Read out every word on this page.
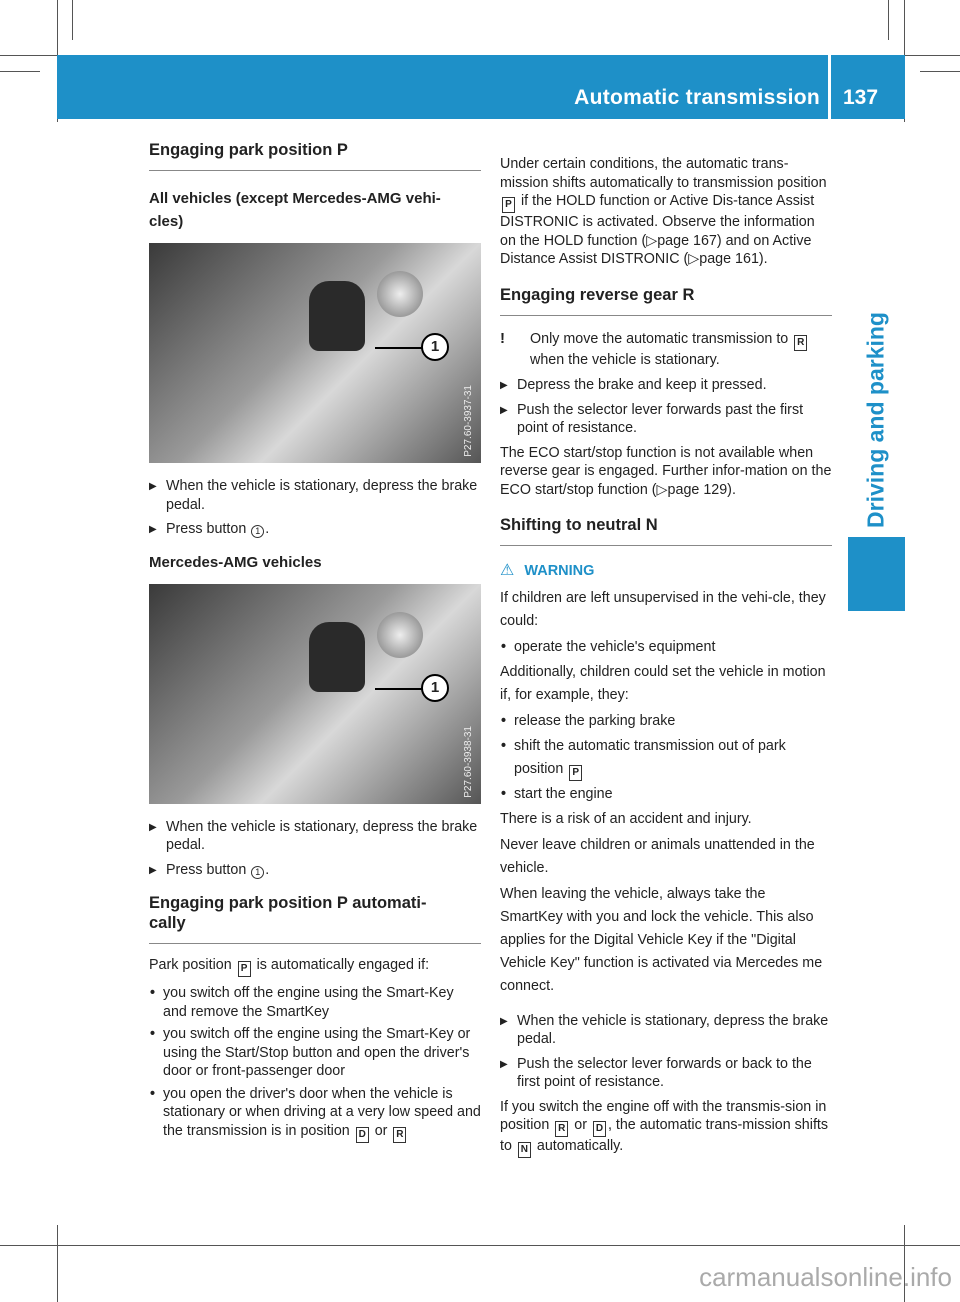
Automatic transmission 137
Driving and parking
Engaging park position P
All vehicles (except Mercedes-AMG vehi-
cles)
1
P27.60-3937-31
▶ When the vehicle is stationary, depress the brake pedal.
▶ Press button 1 .
Mercedes-AMG vehicles
1
P27.60-3938-31
▶ When the vehicle is stationary, depress the brake pedal.
▶ Press button 1 .
Engaging park position P automati-
cally

Park position P is automatically engaged if:

• you switch off the engine using the Smart-Key and remove the SmartKey
• you switch off the engine using the Smart-Key or using the Start/Stop button and open the driver's door or front-passenger door
• you open the driver's door when the vehicle is stationary or when driving at a very low speed and the transmission is in position D or R

Under certain conditions, the automatic trans-mission shifts automatically to transmission position P if the HOLD function or Active Dis-tance Assist DISTRONIC is activated. Observe the information on the HOLD function (▷page 167) and on Active Distance Assist DISTRONIC (▷page 161).

Engaging reverse gear R

!	Only move the automatic transmission to R when the vehicle is stationary.

▶ Depress the brake and keep it pressed.
▶ Push the selector lever forwards past the first point of resistance.

The ECO start/stop function is not available when reverse gear is engaged. Further infor-mation on the ECO start/stop function (▷page 129).

Shifting to neutral N
⚠ WARNING

If children are left unsupervised in the vehi-cle, they could:

• operate the vehicle's equipment

Additionally, children could set the vehicle in motion if, for example, they:

• release the parking brake
• shift the automatic transmission out of park position P
• start the engine

There is a risk of an accident and injury.

Never leave children or animals unattended in the vehicle.

When leaving the vehicle, always take the SmartKey with you and lock the vehicle. This also applies for the Digital Vehicle Key if the "Digital Vehicle Key" function is activated via Mercedes me connect.

▶ When the vehicle is stationary, depress the brake pedal.
▶ Push the selector lever forwards or back to the first point of resistance.

If you switch the engine off with the transmis-sion in position R or D , the automatic trans-mission shifts to N automatically.

carmanualsonline.info
